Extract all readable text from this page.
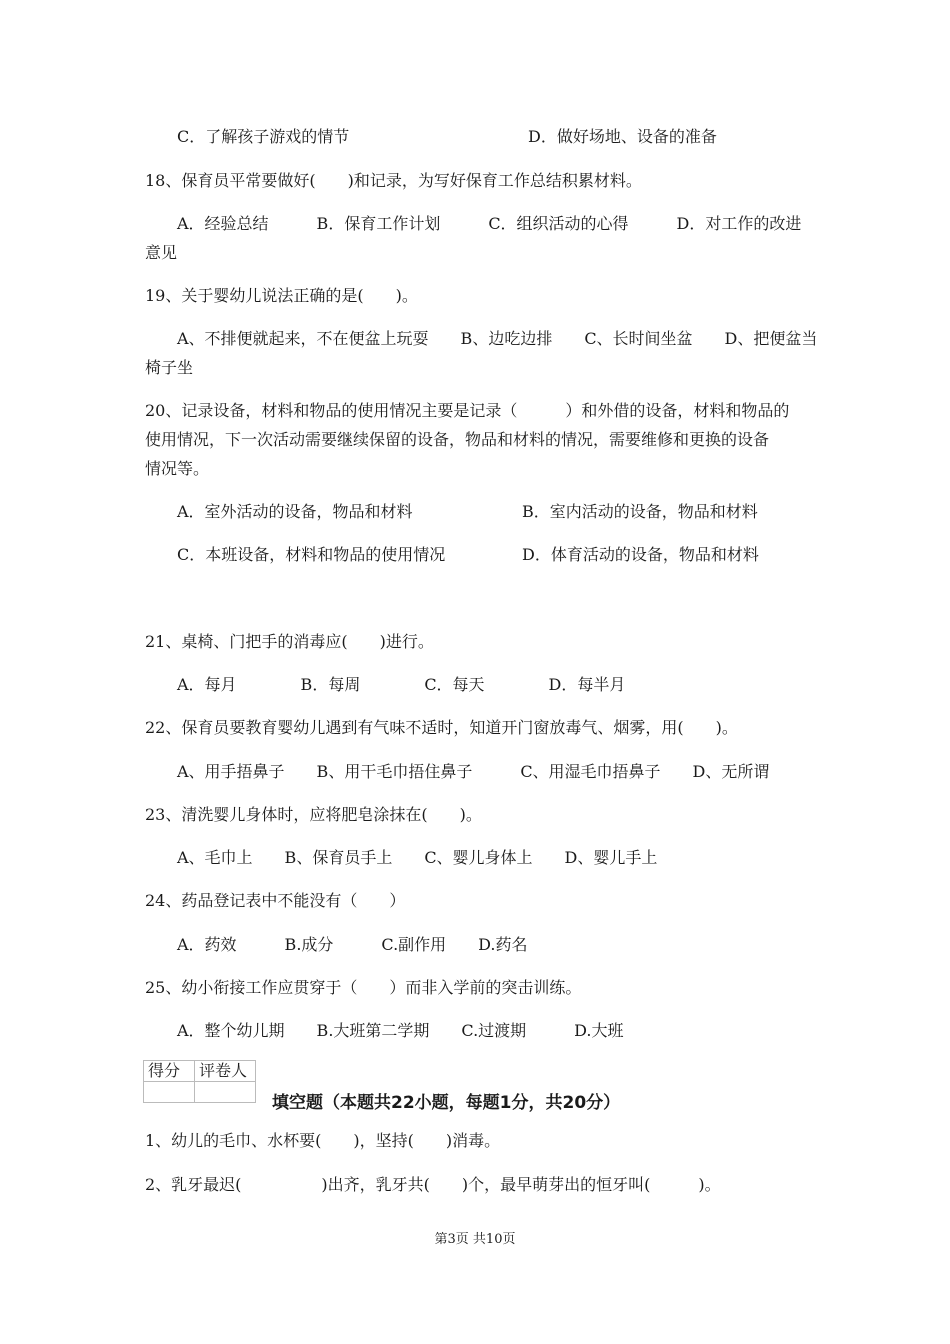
C．了解孩子游戏的情节	D．做好场地、设备的准备
18、保育员平常要做好(　　)和记录，为写好保育工作总结积累材料。
A．经验总结　　　B．保育工作计划　　　C．组织活动的心得　　　D．对工作的改进
意见
19、关于婴幼儿说法正确的是(　　)。
A、不排便就起来，不在便盆上玩耍　　B、边吃边排　　C、长时间坐盆　　D、把便盆当
椅子坐
20、记录设备，材料和物品的使用情况主要是记录（　　　）和外借的设备，材料和物品的
使用情况，下一次活动需要继续保留的设备，物品和材料的情况，需要维修和更换的设备
情况等。
A．室外活动的设备，物品和材料	B．室内活动的设备，物品和材料
C．本班设备，材料和物品的使用情况	D．体育活动的设备，物品和材料
21、桌椅、门把手的消毒应(　　)进行。
A．每月　　　　B．每周　　　　C．每天　　　　D．每半月
22、保育员要教育婴幼儿遇到有气味不适时，知道开门窗放毒气、烟雾，用(　　)。
A、用手捂鼻子　　B、用干毛巾捂住鼻子　　　C、用湿毛巾捂鼻子　　D、无所谓
23、清洗婴儿身体时，应将肥皂涂抹在(　　)。
A、毛巾上　　B、保育员手上　　C、婴儿身体上　　D、婴儿手上
24、药品登记表中不能没有（　　）
A．药效　　　B.成分　　　C.副作用　　D.药名
25、幼小衔接工作应贯穿于（　　）而非入学前的突击训练。
A．整个幼儿期　　B.大班第二学期　　C.过渡期　　　D.大班
得分	评卷人

填空题（本题共22小题，每题1分，共20分）
1、幼儿的毛巾、水杯要(　　)，坚持(　　)消毒。
2、乳牙最迟(　　　　　)出齐，乳牙共(　　)个，最早萌芽出的恒牙叫(　　　)。
第3页 共10页
